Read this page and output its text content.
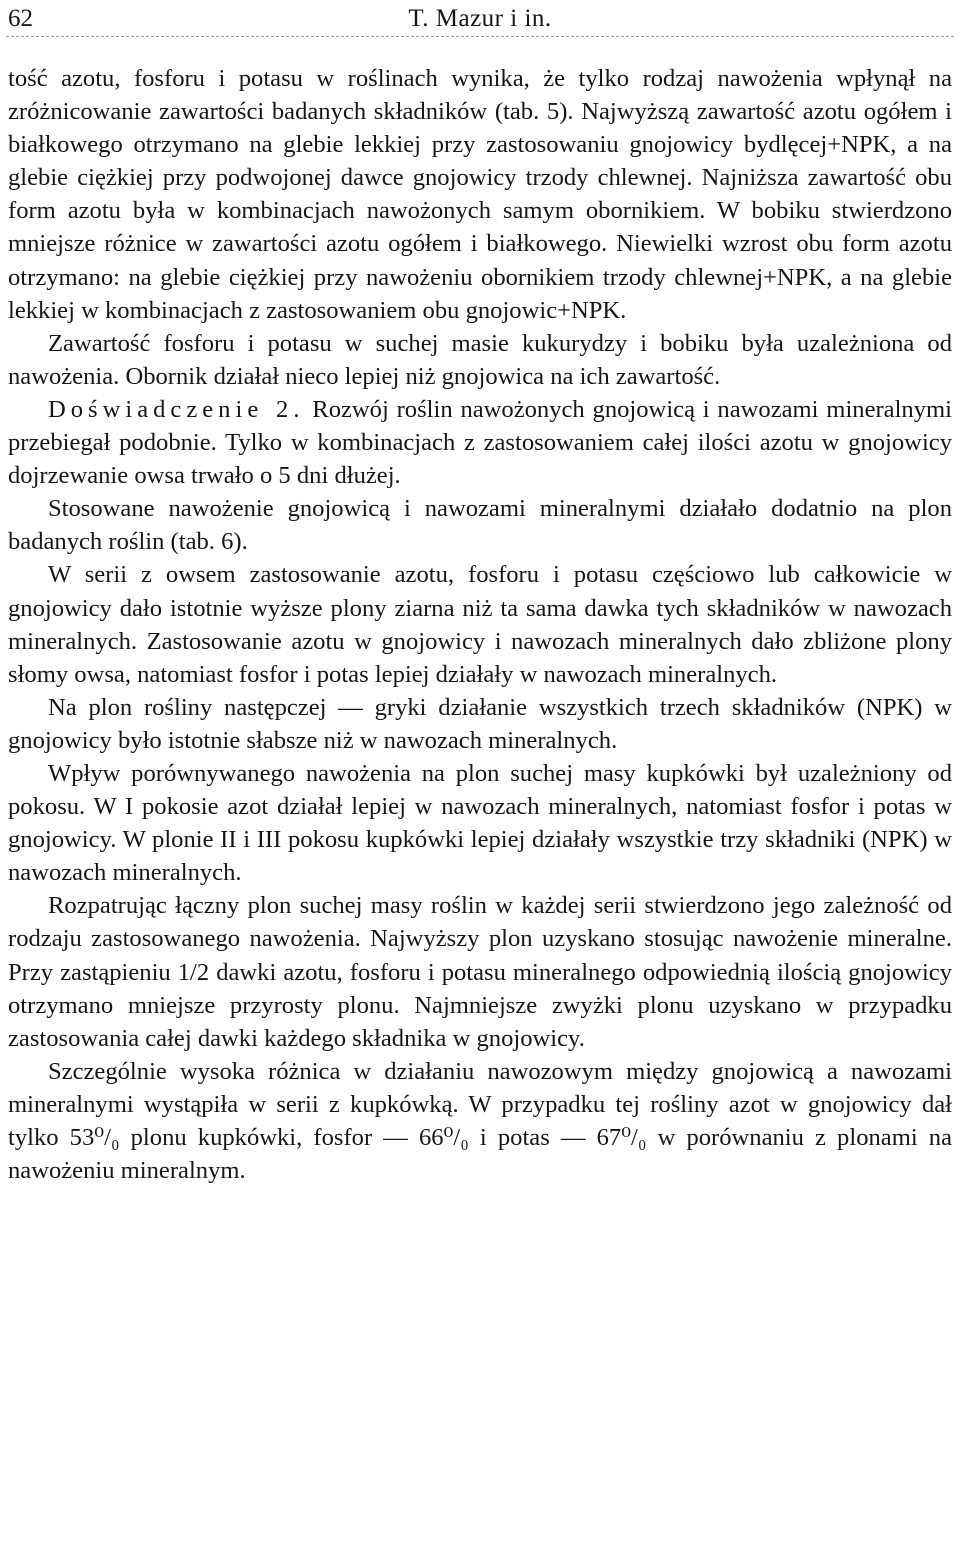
62	T. Mazur i in.

tość azotu, fosforu i potasu w roślinach wynika, że tylko rodzaj nawożenia wpłynął na zróżnicowanie zawartości badanych składników (tab. 5). Najwyższą zawartość azotu ogółem i białkowego otrzymano na glebie lekkiej przy zastosowaniu gnojowicy bydlęcej+NPK, a na glebie ciężkiej przy podwojonej dawce gnojowicy trzody chlewnej. Najniższa zawartość obu form azotu była w kombinacjach nawożonych samym obornikiem. W bobiku stwierdzono mniejsze różnice w zawartości azotu ogółem i białkowego. Niewielki wzrost obu form azotu otrzymano: na glebie ciężkiej przy nawożeniu obornikiem trzody chlewnej+NPK, a na glebie lekkiej w kombinacjach z zastosowaniem obu gnojowic+NPK.

Zawartość fosforu i potasu w suchej masie kukurydzy i bobiku była uzależniona od nawożenia. Obornik działał nieco lepiej niż gnojowica na ich zawartość.

Doświadczenie 2. Rozwój roślin nawożonych gnojowicą i nawozami mineralnymi przebiegał podobnie. Tylko w kombinacjach z zastosowaniem całej ilości azotu w gnojowicy dojrzewanie owsa trwało o 5 dni dłużej.

Stosowane nawożenie gnojowicą i nawozami mineralnymi działało dodatnio na plon badanych roślin (tab. 6).

W serii z owsem zastosowanie azotu, fosforu i potasu częściowo lub całkowicie w gnojowicy dało istotnie wyższe plony ziarna niż ta sama dawka tych składników w nawozach mineralnych. Zastosowanie azotu w gnojowicy i nawozach mineralnych dało zbliżone plony słomy owsa, natomiast fosfor i potas lepiej działały w nawozach mineralnych.

Na plon rośliny następczej — gryki działanie wszystkich trzech składników (NPK) w gnojowicy było istotnie słabsze niż w nawozach mineralnych.

Wpływ porównywanego nawożenia na plon suchej masy kupkówki był uzależniony od pokosu. W I pokosie azot działał lepiej w nawozach mineralnych, natomiast fosfor i potas w gnojowicy. W plonie II i III pokosu kupkówki lepiej działały wszystkie trzy składniki (NPK) w nawozach mineralnych.

Rozpatrując łączny plon suchej masy roślin w każdej serii stwierdzono jego zależność od rodzaju zastosowanego nawożenia. Najwyższy plon uzyskano stosując nawożenie mineralne. Przy zastąpieniu 1/2 dawki azotu, fosforu i potasu mineralnego odpowiednią ilością gnojowicy otrzymano mniejsze przyrosty plonu. Najmniejsze zwyżki plonu uzyskano w przypadku zastosowania całej dawki każdego składnika w gnojowicy.

Szczególnie wysoka różnica w działaniu nawozowym między gnojowicą a nawozami mineralnymi wystąpiła w serii z kupkówką. W przypadku tej rośliny azot w gnojowicy dał tylko 53⁰/₀ plonu kupkówki, fosfor — 66⁰/₀ i potas — 67⁰/₀ w porównaniu z plonami na nawożeniu mineralnym.
